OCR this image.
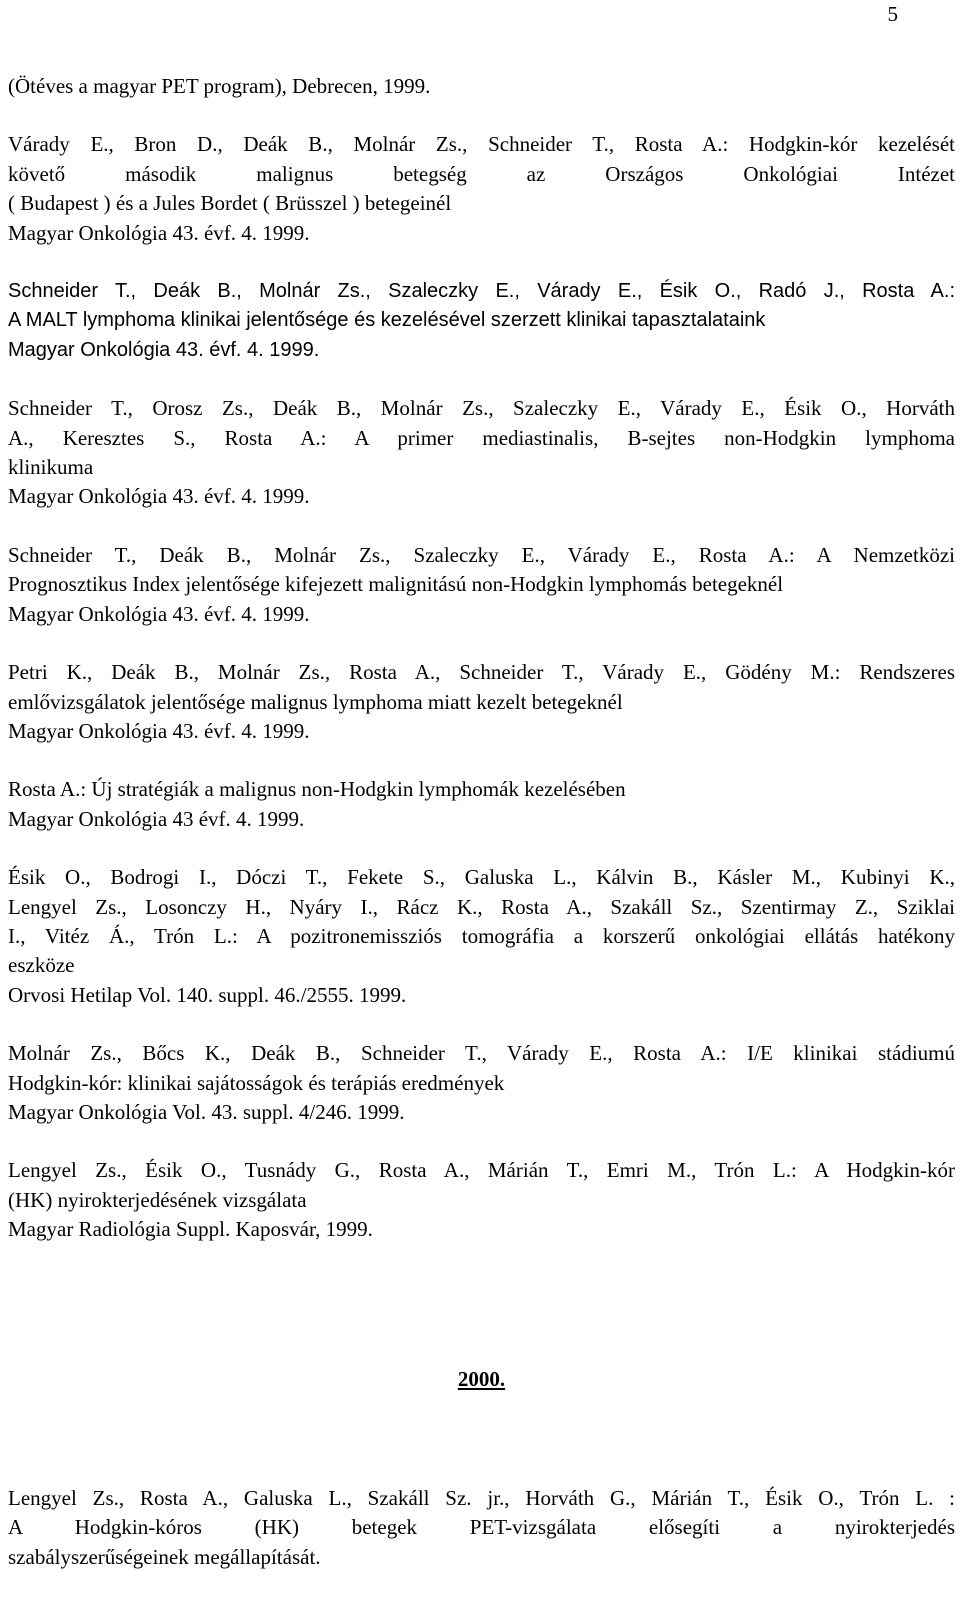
5
(Ötéves a magyar PET program), Debrecen, 1999.
Várady E., Bron D., Deák B., Molnár Zs., Schneider T., Rosta A.: Hodgkin-kór kezelését
követő második malignus betegség az Országos Onkológiai Intézet
( Budapest ) és a Jules Bordet ( Brüsszel ) betegeinél
Magyar Onkológia 43. évf. 4. 1999.
Schneider T., Deák B., Molnár Zs., Szaleczky E., Várady E., Ésik O., Radó J., Rosta A.:
A MALT lymphoma klinikai jelentősége és kezelésével szerzett klinikai tapasztalataink
Magyar Onkológia 43. évf. 4. 1999.
Schneider T., Orosz Zs., Deák B., Molnár Zs., Szaleczky E., Várady E., Ésik O., Horváth
A., Keresztes S., Rosta A.: A primer mediastinalis, B-sejtes non-Hodgkin lymphoma
klinikuma
Magyar Onkológia 43. évf. 4. 1999.
Schneider T., Deák B., Molnár Zs., Szaleczky E., Várady E., Rosta A.: A Nemzetközi
Prognosztikus Index jelentősége kifejezett malignitású non-Hodgkin lymphomás betegeknél
Magyar Onkológia 43. évf. 4. 1999.
Petri K., Deák B., Molnár Zs., Rosta A., Schneider T., Várady E., Gödény M.: Rendszeres
emlővizsgálatok jelentősége malignus lymphoma miatt kezelt betegeknél
Magyar Onkológia 43. évf. 4. 1999.
Rosta A.: Új stratégiák a malignus non-Hodgkin lymphomák kezelésében
Magyar Onkológia 43 évf. 4. 1999.
Ésik O., Bodrogi I., Dóczi T., Fekete S., Galuska L., Kálvin B., Kásler M., Kubinyi K.,
Lengyel Zs., Losonczy H., Nyáry I., Rácz K., Rosta A., Szakáll Sz., Szentirmay Z., Sziklai
I., Vitéz Á., Trón L.: A pozitronemissziós tomográfia a korszerű onkológiai ellátás hatékony
eszköze
Orvosi Hetilap Vol. 140. suppl. 46./2555. 1999.
Molnár Zs., Bőcs K., Deák B., Schneider T., Várady E., Rosta A.: I/E klinikai stádiumú
Hodgkin-kór: klinikai sajátosságok és terápiás eredmények
Magyar Onkológia Vol. 43. suppl. 4/246. 1999.
Lengyel Zs., Ésik O., Tusnády G., Rosta A., Márián T., Emri M., Trón L.: A Hodgkin-kór
(HK) nyirokterjedésének vizsgálata
Magyar Radiológia Suppl. Kaposvár, 1999.
2000.
Lengyel Zs., Rosta A., Galuska L., Szakáll Sz. jr., Horváth G., Márián T., Ésik O., Trón L. :
A Hodgkin-kóros (HK) betegek PET-vizsgálata elősegíti a nyirokterjedés
szabályszerűségeinek megállapítását.
